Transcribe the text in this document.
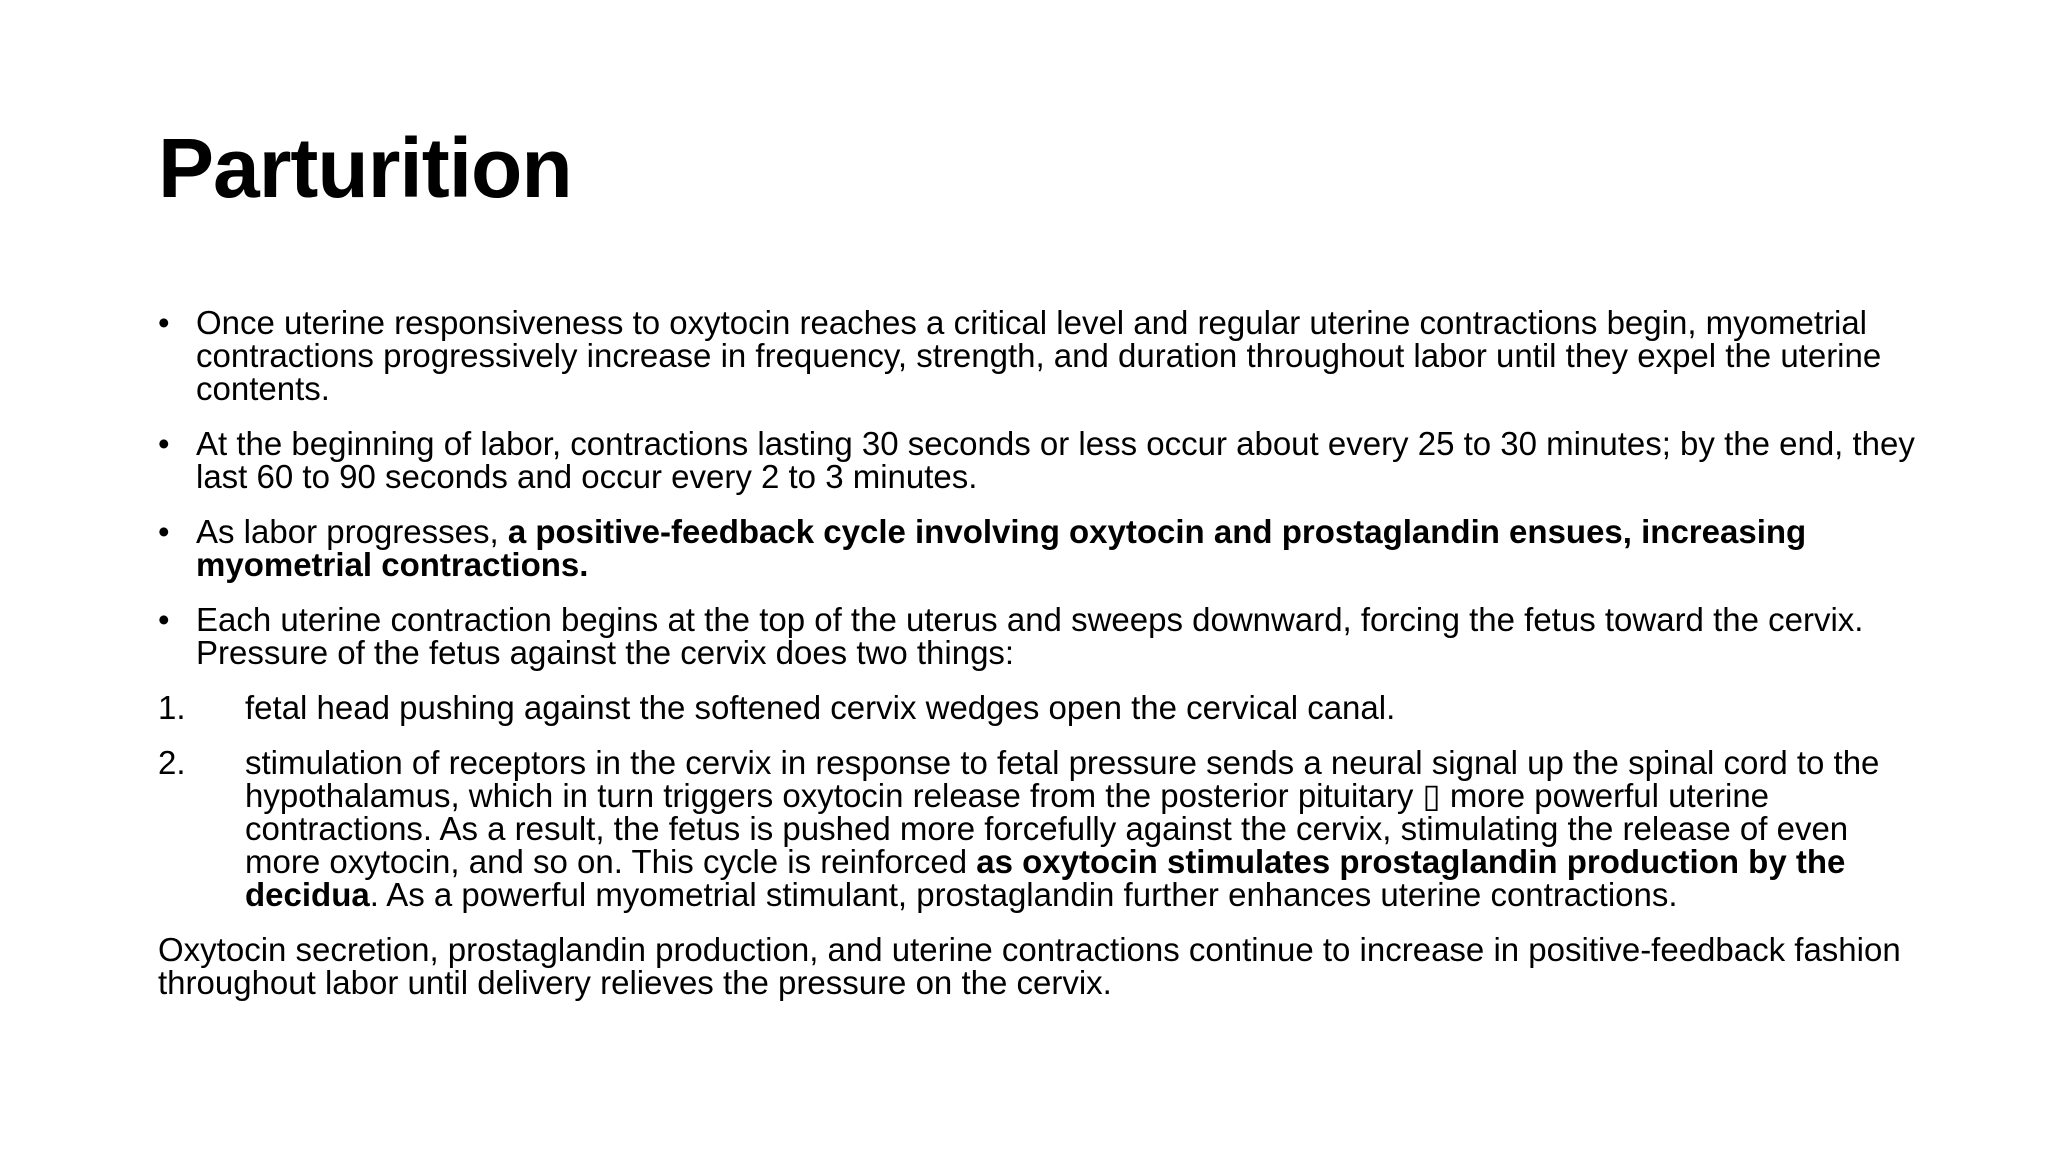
Parturition
• Once uterine responsiveness to oxytocin reaches a critical level and regular uterine contractions begin, myometrial contractions progressively increase in frequency, strength, and duration throughout labor until they expel the uterine contents.
• At the beginning of labor, contractions lasting 30 seconds or less occur about every 25 to 30 minutes; by the end, they last 60 to 90 seconds and occur every 2 to 3 minutes.
• As labor progresses, a positive-feedback cycle involving oxytocin and prostaglandin ensues, increasing myometrial contractions.
• Each uterine contraction begins at the top of the uterus and sweeps downward, forcing the fetus toward the cervix. Pressure of the fetus against the cervix does two things:
1.	fetal head pushing against the softened cervix wedges open the cervical canal.
2.	stimulation of receptors in the cervix in response to fetal pressure sends a neural signal up the spinal cord to the hypothalamus, which in turn triggers oxytocin release from the posterior pituitary ▯ more powerful uterine contractions. As a result, the fetus is pushed more forcefully against the cervix, stimulating the release of even more oxytocin, and so on. This cycle is reinforced as oxytocin stimulates prostaglandin production by the decidua. As a powerful myometrial stimulant, prostaglandin further enhances uterine contractions.
Oxytocin secretion, prostaglandin production, and uterine contractions continue to increase in positive-feedback fashion throughout labor until delivery relieves the pressure on the cervix.
